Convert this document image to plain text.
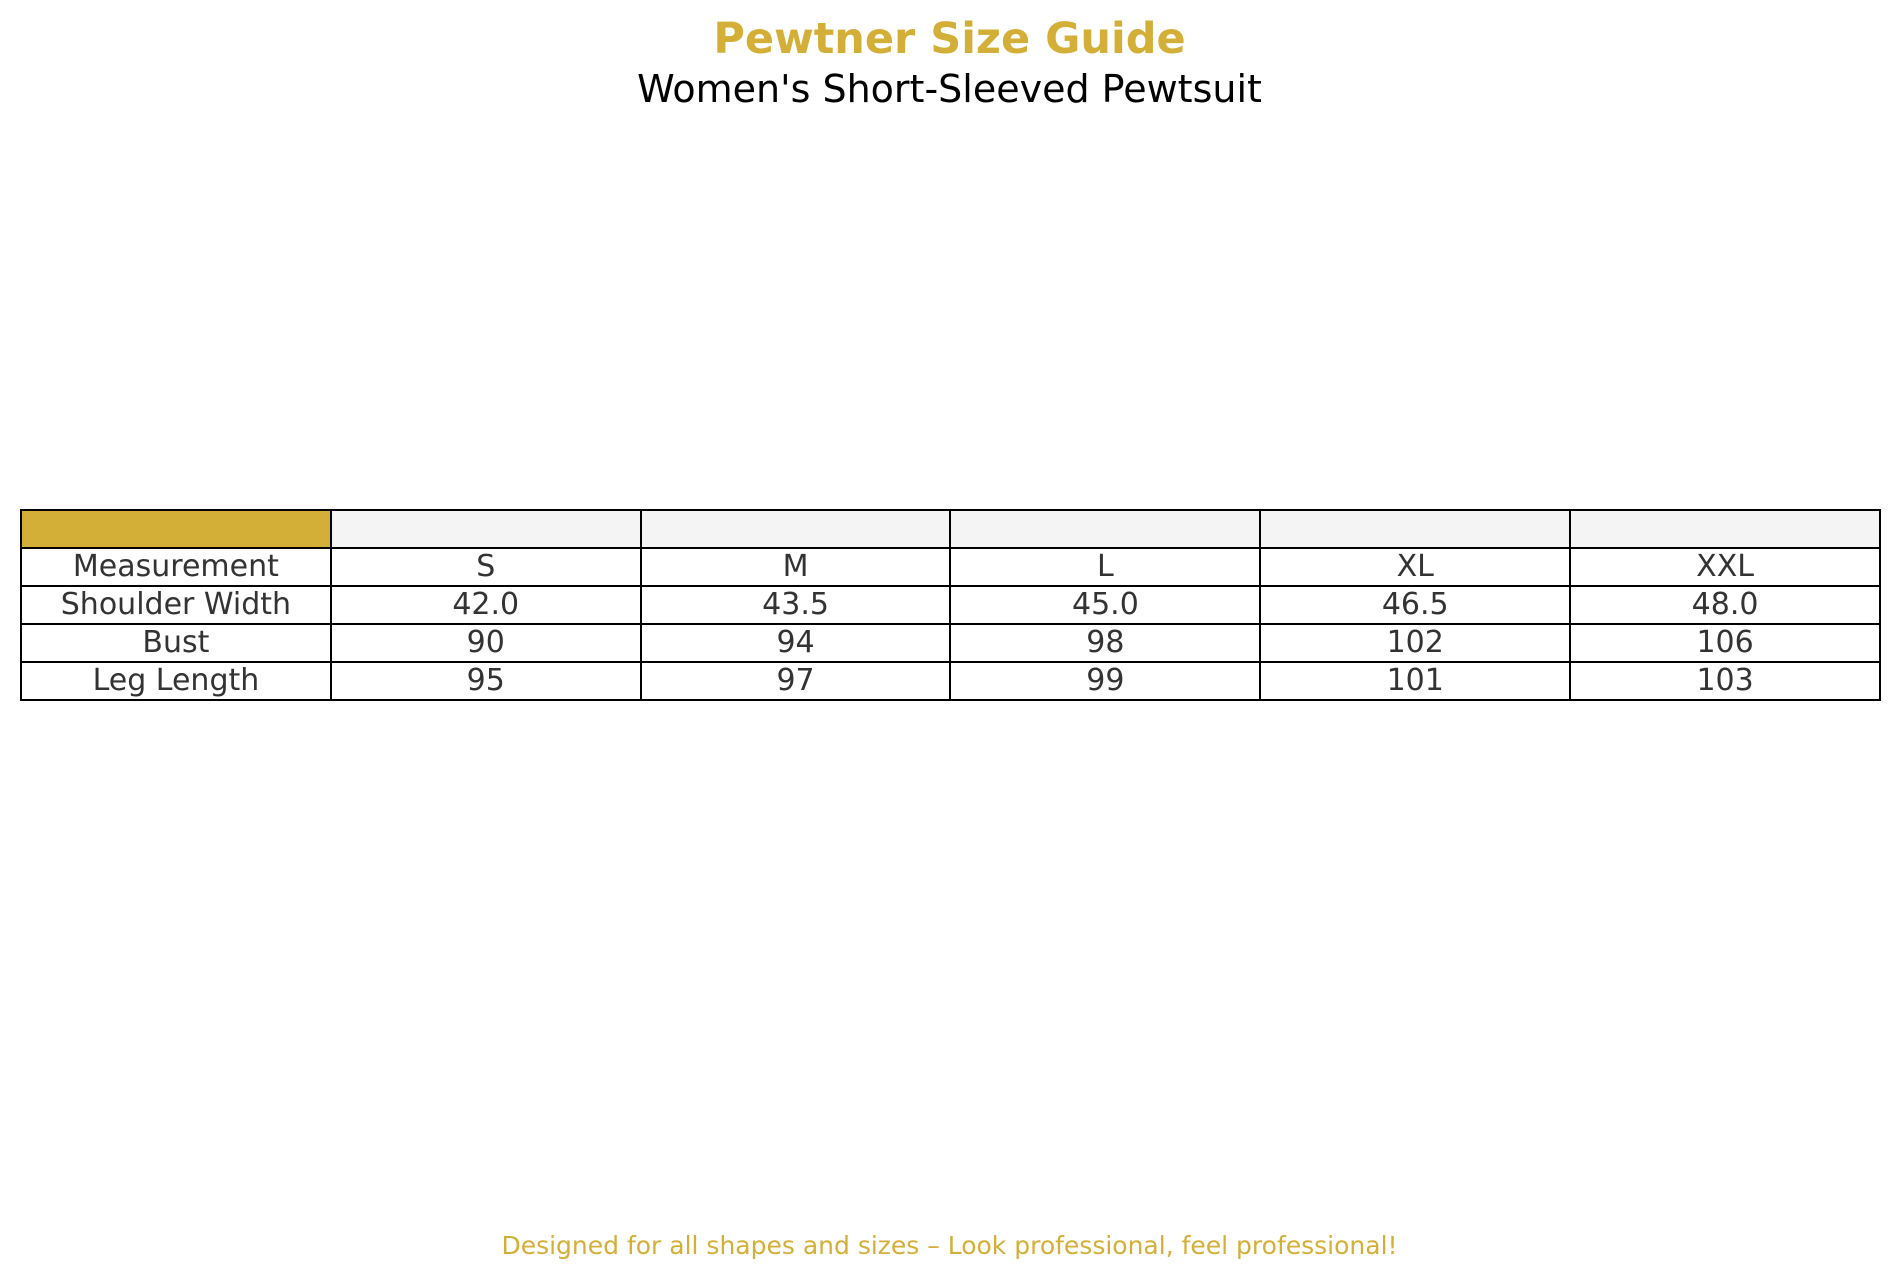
Pewtner Size Guide
Women's Short-Sleeved Pewtsuit

Measurement	S	M	L	XL	XXL
Shoulder Width	42.0	43.5	45.0	46.5	48.0
Bust	90	94	98	102	106
Leg Length	95	97	99	101	103
Designed for all shapes and sizes – Look professional, feel professional!
